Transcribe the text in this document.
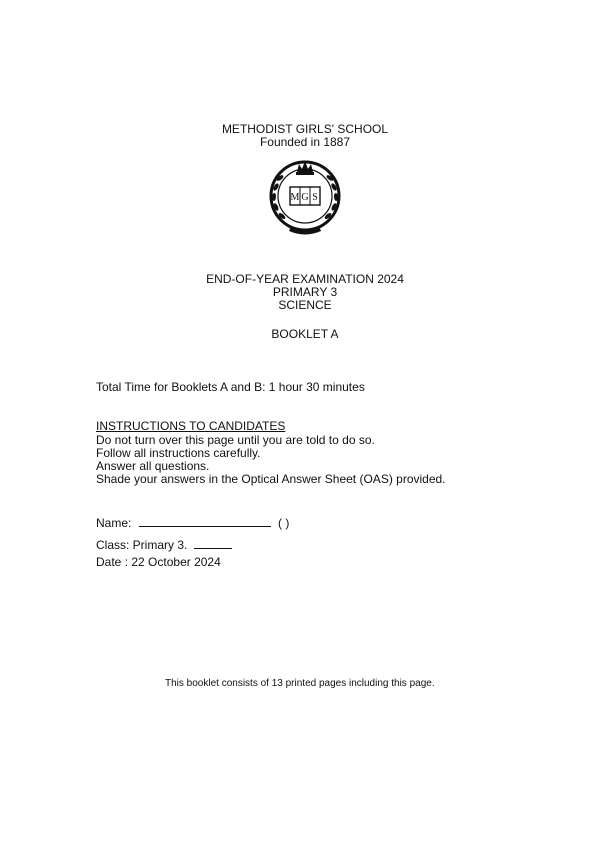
METHODIST GIRLS' SCHOOL
Founded in 1887
M G S
END-OF-YEAR EXAMINATION 2024
PRIMARY 3
SCIENCE
BOOKLET A
Total Time for Booklets A and B: 1 hour 30 minutes
INSTRUCTIONS TO CANDIDATES
Do not turn over this page until you are told to do so.
Follow all instructions carefully.
Answer all questions.
Shade your answers in the Optical Answer Sheet (OAS) provided.
Name:	( )
Class: Primary 3.
Date : 22 October 2024
This booklet consists of 13 printed pages including this page.
